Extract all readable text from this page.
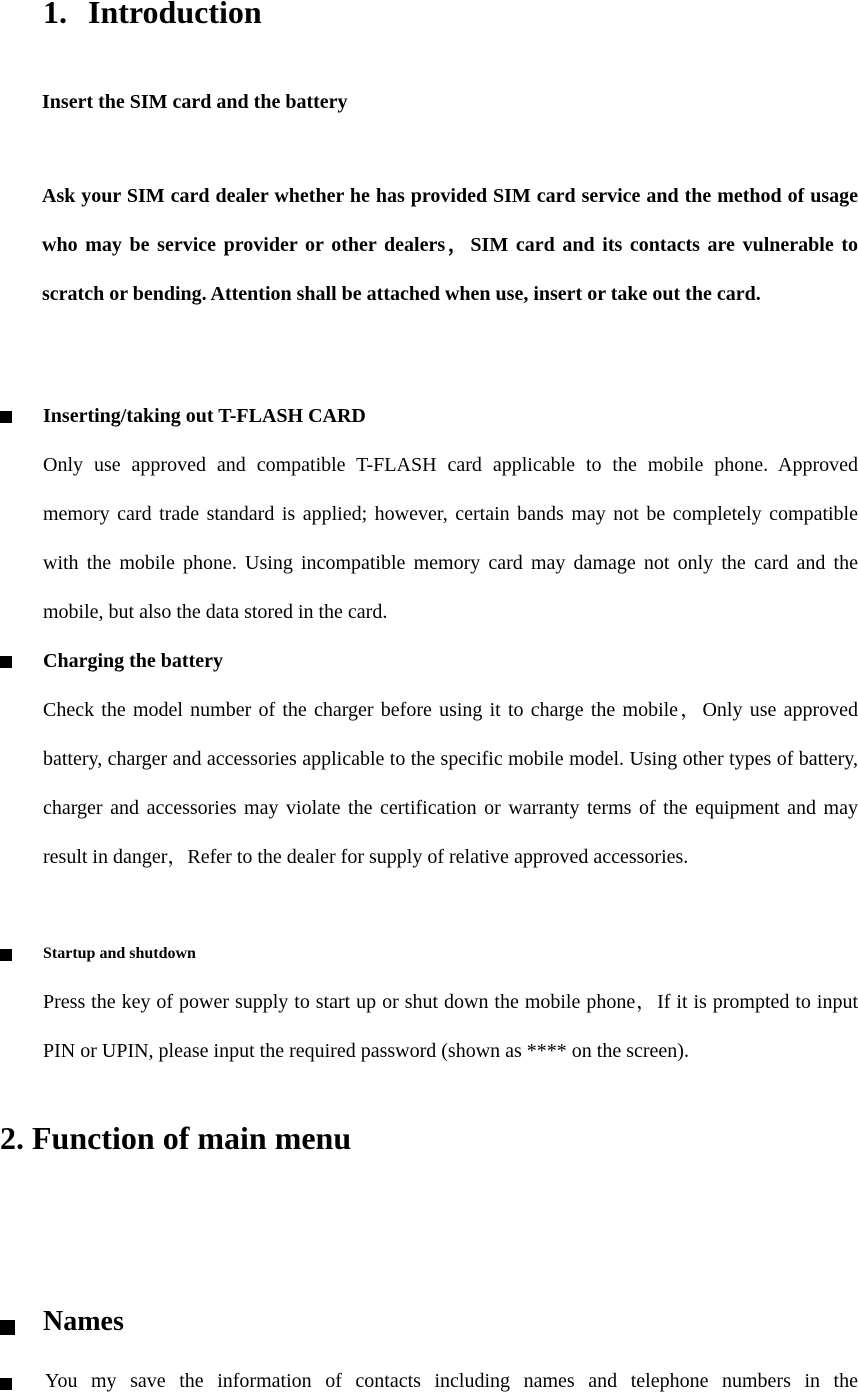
1. Introduction
Insert the SIM card and the battery
Ask your SIM card dealer whether he has provided SIM card service and the method of usage who may be service provider or other dealers，SIM card and its contacts are vulnerable to scratch or bending. Attention shall be attached when use, insert or take out the card.
Inserting/taking out T-FLASH CARD
Only use approved and compatible T-FLASH card applicable to the mobile phone. Approved memory card trade standard is applied; however, certain bands may not be completely compatible with the mobile phone. Using incompatible memory card may damage not only the card and the mobile, but also the data stored in the card.
Charging the battery
Check the model number of the charger before using it to charge the mobile，Only use approved battery, charger and accessories applicable to the specific mobile model. Using other types of battery, charger and accessories may violate the certification or warranty terms of the equipment and may result in danger，Refer to the dealer for supply of relative approved accessories.
Startup and shutdown
Press the key of power supply to start up or shut down the mobile phone，If it is prompted to input PIN or UPIN, please input the required password (shown as **** on the screen).
2. Function of main menu
Names
You my save the information of contacts including names and telephone numbers in the
